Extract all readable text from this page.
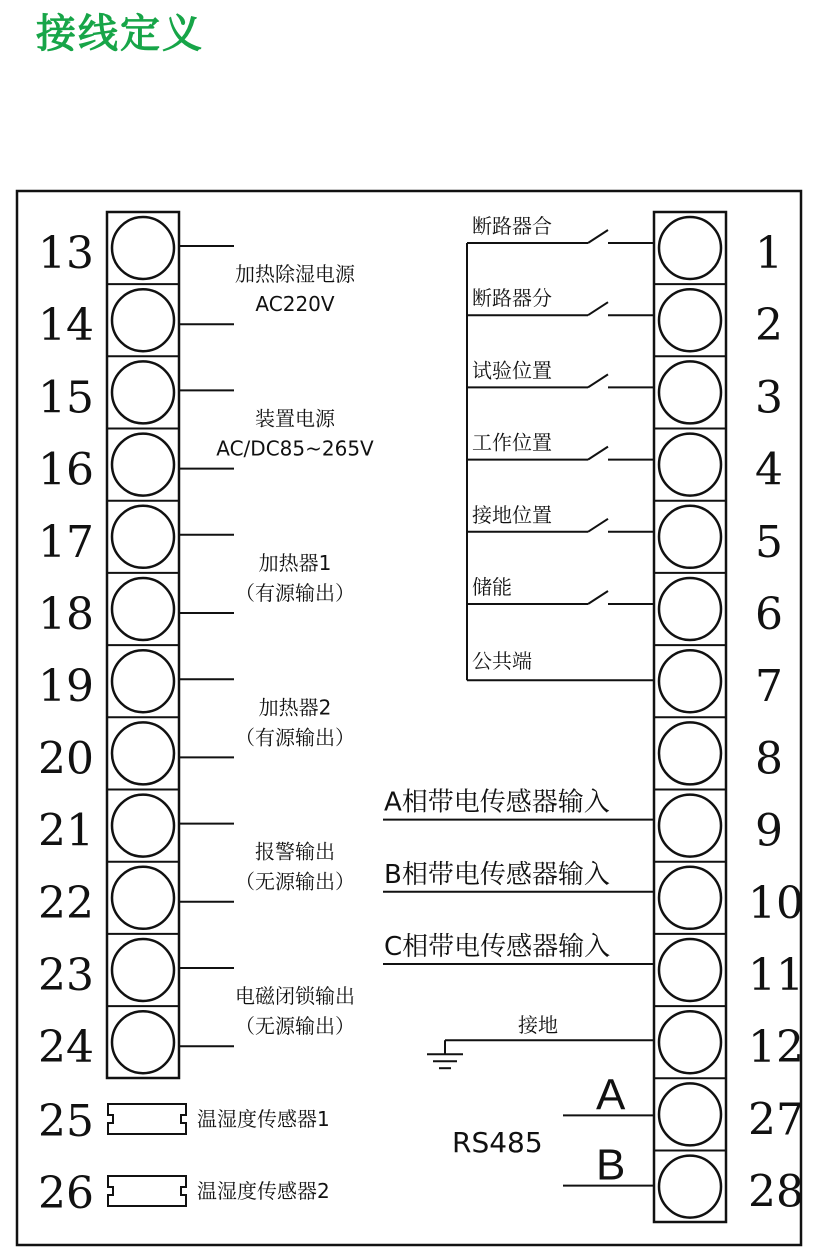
接线定义
13
14
15
16
17
18
19
20
21
22
23
24
加热除湿电源
AC220V
装置电源
AC/DC85~265V
加热器1
（有源输出）
加热器2
（有源输出）
报警输出
（无源输出）
电磁闭锁输出
（无源输出）
1
2
3
4
5
6
7
8
9
10
11
12
27
28
断路器合
断路器分
试验位置
工作位置
接地位置
储能
公共端
25	温湿度传感器1
26	温湿度传感器2
A相带电传感器输入
B相带电传感器输入
C相带电传感器输入
接地
A
B
RS485
